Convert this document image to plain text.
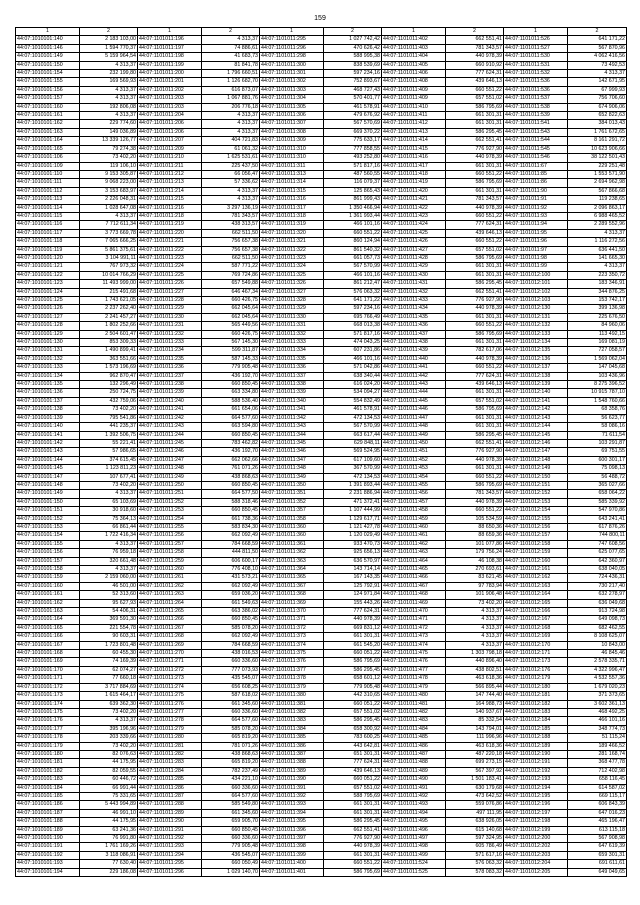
159
1	2	1	2	1	2	1	2	1	2
44:07:1010101:140	2 183 103,00	44:07:1101011:196	4 313,37	44:07:1101011:295	1 027 742,42	44:07:1101011:402	662 551,41	44:07:1101011:526	641 171,22
44:07:1010101:146	1 594 770,37	44:07:1101011:197	74 886,61	44:07:1101011:296	470 626,42	44:07:1101011:403	781 343,57	44:07:1101011:527	567 870,96
44:07:1010101:149	5 159 964,54	44:07:1101011:198	41 683,73	44:07:1101011:298	588 995,38	44:07:1101011:404	440 978,39	44:07:1101011:530	4 062 416,56
44:07:1010101:150	4 313,37	44:07:1101011:199	81 841,78	44:07:1101011:300	838 539,69	44:07:1101011:405	660 910,92	44:07:1101011:531	73 492,53
44:07:1010101:154	232 199,80	44:07:1101011:200	1 796 660,51	44:07:1101011:301	597 234,16	44:07:1101011:406	777 624,31	44:07:1101011:532	4 313,37
44:07:1010101:155	169 569,93	44:07:1101011:201	1 126 682,70	44:07:1101011:302	752 893,67	44:07:1101011:408	439 646,13	44:07:1101011:536	142 671,95
44:07:1010101:156	4 313,37	44:07:1101011:202	616 873,07	44:07:1101011:303	468 727,43	44:07:1101011:409	660 551,22	44:07:1101011:536	67 999,93
44:07:1010101:157	4 313,37	44:07:1101011:203	1 067 881,76	44:07:1101011:304	570 401,77	44:07:1101011:409	657 551,02	44:07:1101011:537	756 706,60
44:07:1010101:160	192 806,08	44:07:1101011:203	206 776,18	44:07:1101011:305	461 578,91	44:07:1101011:410	586 795,69	44:07:1101011:538	674 906,06
44:07:1010101:161	4 313,37	44:07:1101011:204	4 313,37	44:07:1101011:306	479 676,92	44:07:1101011:411	661 301,31	44:07:1101011:539	652 822,63
44:07:1010101:162	229 774,60	44:07:1101011:206	4 313,37	44:07:1101011:307	567 570,69	44:07:1101011:412	661 301,31	44:07:1101011:541	384 013,43
44:07:1010101:163	149 036,89	44:07:1101011:206	4 313,37	44:07:1101011:308	669 370,22	44:07:1101011:413	586 295,45	44:07:1101011:543	1 761 672,65
44:07:1010101:164	13 339 126,77	44:07:1101011:207	404 721,83	44:07:1101011:309	775 633,17	44:07:1101011:414	662 551,41	44:07:1101011:544	8 161 291,72
44:07:1010101:165	79 274,38	44:07:1101011:209	61 061,32	44:07:1101011:310	777 858,55	44:07:1101011:415	776 927,90	44:07:1101011:545	10 623 906,66
44:07:1010101:106	73 402,20	44:07:1101011:210	1 625 531,61	44:07:1101011:310	493 252,80	44:07:1101011:416	440 978,39	44:07:1101011:546	38 122 501,43
44:07:1010101:109	119 106,10	44:07:1101011:211	225 437,50	44:07:1101011:311	571 817,16	44:07:1101011:417	661 301,31	44:07:1101011:67	229 251,48
44:07:1010101:110	9 153 305,87	44:07:1101011:212	66 056,47	44:07:1101011:313	487 560,55	44:07:1101011:418	660 551,22	44:07:1101011:85	1 553 571,90
44:07:1010101:111	9 068 223,00	44:07:1101011:213	57 336,62	44:07:1101011:314	116 079,37	44:07:1101011:419	586 795,69	44:07:1101011:86	2 694 962,98
44:07:1010101:112	3 153 683,97	44:07:1101011:214	4 313,37	44:07:1101011:315	125 865,43	44:07:1101011:420	661 301,31	44:07:1101011:90	567 866,68
44:07:1010101:113	2 226 048,31	44:07:1101011:215	4 313,37	44:07:1101011:316	861 999,43	44:07:1101011:421	781 343,57	44:07:1101011:91	119 238,65
44:07:1010101:114	1 028 647,08	44:07:1101011:216	3 297 136,19	44:07:1101011:317	1 350 466,94	44:07:1101011:422	440 978,39	44:07:1101011:92	2 096 863,17
44:07:1010101:115	4 313,37	44:07:1101011:218	781 343,57	44:07:1101011:318	1 361 993,44	44:07:1101011:423	660 551,22	44:07:1101011:93	6 988 465,52
44:07:1010101:116	7 712 611,34	44:07:1101011:219	438 313,57	44:07:1101011:319	466 101,16	44:07:1101011:424	777 624,31	44:07:1101011:94	2 289 552,96
44:07:1010101:117	3 773 669,78	44:07:1101011:220	662 511,50	44:07:1101011:320	660 551,22	44:07:1101011:425	439 646,13	44:07:1101011:95	4 313,37
44:07:1010101:118	7 065 666,25	44:07:1101011:221	756 657,38	44:07:1101011:321	860 124,94	44:07:1101011:426	660 551,22	44:07:1101011:96	1 116 272,56
44:07:1010101:119	5 861 375,61	44:07:1101011:222	756 657,38	44:07:1101011:322	861 540,32	44:07:1101011:427	657 551,02	44:07:1101011:97	636 441,50
44:07:1010101:120	3 104 991,11	44:07:1101011:223	662 511,50	44:07:1101011:323	661 057,73	44:07:1101011:428	586 795,69	44:07:1101011:98	141 665,30
44:07:1010101:121	767 973,32	44:07:1101011:224	587 771,22	44:07:1101011:324	567 570,99	44:07:1101011:429	661 301,31	44:07:1101011:99	4 313,37
44:07:1010101:122	10 014 766,29	44:07:1101011:225	769 724,86	44:07:1101011:325	466 101,16	44:07:1101011:430	661 301,31	44:07:1101012:100	223 350,72
44:07:1010101:123	11 493 999,00	44:07:1101011:226	657 549,88	44:07:1101011:326	861 212,47	44:07:1101011:431	586 295,45	44:07:1101012:101	183 346,91
44:07:1010101:124	215 491,68	44:07:1101011:227	646 467,34	44:07:1101011:327	576 063,32	44:07:1101011:432	662 551,41	44:07:1101012:102	344 876,25
44:07:1010101:125	1 743 621,05	44:07:1101011:228	660 426,75	44:07:1101011:328	641 171,22	44:07:1101011:433	776 927,90	44:07:1101012:103	153 742,17
44:07:1010101:126	2 237 262,40	44:07:1101011:229	662 045,64	44:07:1101011:329	597 234,16	44:07:1101011:434	440 978,39	44:07:1101012:130	399 136,98
44:07:1010101:127	2 241 457,27	44:07:1101011:230	662 045,64	44:07:1101011:330	695 766,49	44:07:1101011:435	661 301,31	44:07:1101012:131	225 676,50
44:07:1010101:128	1 802 252,66	44:07:1101011:231	565 449,56	44:07:1101011:331	668 013,38	44:07:1101011:436	660 551,22	44:07:1101012:132	84 960,06
44:07:1010101:129	2 504 601,47	44:07:1101011:232	660 426,75	44:07:1101011:332	571 817,16	44:07:1101011:437	586 795,69	44:07:1101012:133	113 492,15
44:07:1010101:130	853 309,33	44:07:1101011:233	567 145,30	44:07:1101011:333	474 043,25	44:07:1101011:438	661 301,31	44:07:1101012:134	169 081,19
44:07:1010101:131	1 490 899,41	44:07:1101011:234	599 311,87	44:07:1101011:334	607 231,86	44:07:1101011:439	782 617,06	44:07:1101012:135	727 058,57
44:07:1010101:132	363 551,66	44:07:1101011:235	587 145,33	44:07:1101011:335	466 101,16	44:07:1101011:440	440 978,39	44:07:1101012:136	1 569 062,04
44:07:1010101:133	1 573 196,69	44:07:1101011:236	779 905,48	44:07:1101011:336	571 042,86	44:07:1101011:441	660 551,22	44:07:1101012:137	147 045,68
44:07:1010101:134	962 870,47	44:07:1101011:237	436 192,70	44:07:1101011:337	638 340,44	44:07:1101011:442	777 624,31	44:07:1101012:138	103 436,96
44:07:1010101:135	132 296,49	44:07:1101011:238	660 850,45	44:07:1101011:338	616 024,20	44:07:1101011:443	439 646,13	44:07:1101012:139	8 275 396,52
44:07:1010101:136	250 724,75	44:07:1101011:239	663 334,80	44:07:1101011:339	534 094,27	44:07:1101011:444	661 301,31	44:07:1101012:140	10 915 787,10
44:07:1010101:137	432 759,06	44:07:1101011:240	588 536,40	44:07:1101011:340	554 832,49	44:07:1101011:445	657 551,02	44:07:1101012:141	1 548 760,66
44:07:1010101:138	73 402,20	44:07:1101011:241	661 654,06	44:07:1101011:341	461 578,91	44:07:1101011:446	586 795,69	44:07:1101012:142	68 358,76
44:07:1010101:139	795 541,86	44:07:1101011:242	664 577,60	44:07:1101011:342	472 134,53	44:07:1101011:447	661 301,31	44:07:1101012:143	56 623,77
44:07:1010101:140	441 235,37	44:07:1101011:243	663 594,80	44:07:1101011:343	567 570,99	44:07:1101011:448	661 301,31	44:07:1101012:144	58 086,16
44:07:1010101:141	1 392 506,75	44:07:1101011:244	660 850,45	44:07:1101011:344	663 617,44	44:07:1101011:449	586 295,45	44:07:1101012:145	71 611,54
44:07:1010101:142	55 221,41	44:07:1101011:245	783 462,82	44:07:1101011:345	629 848,11	44:07:1101011:450	662 551,41	44:07:1101012:146	103 291,87
44:07:1010101:143	57 986,65	44:07:1101011:246	436 192,70	44:07:1101011:346	569 524,95	44:07:1101011:451	776 927,90	44:07:1101012:147	69 751,55
44:07:1010101:144	374 615,45	44:07:1101011:247	662 062,66	44:07:1101011:347	617 109,60	44:07:1101011:452	440 978,39	44:07:1101012:148	600 301,17
44:07:1010101:145	1 123 811,23	44:07:1101011:248	761 071,26	44:07:1101011:348	367 570,99	44:07:1101011:453	661 301,31	44:07:1101012:149	75 098,13
44:07:1010101:147	107 677,41	44:07:1101011:249	438 868,63	44:07:1101011:349	472 134,53	44:07:1101011:454	660 551,22	44:07:1101012:150	56 488,72
44:07:1010101:148	73 402,20	44:07:1101011:250	660 850,45	44:07:1101011:350	1 391 893,44	44:07:1101011:455	586 795,69	44:07:1101012:151	365 027,66
44:07:1010101:149	4 313,37	44:07:1101011:251	664 577,50	44:07:1101011:351	2 231 886,94	44:07:1101011:456	781 343,57	44:07:1101012:152	658 064,22
44:07:1010101:150	65 103,69	44:07:1101011:252	588 318,46	44:07:1101011:352	471 372,41	44:07:1101011:457	440 978,39	44:07:1101012:153	585 339,92
44:07:1010101:151	30 918,60	44:07:1101011:253	660 850,45	44:07:1101011:357	1 107 444,99	44:07:1101011:458	660 551,22	44:07:1101012:154	547 970,86
44:07:1010101:152	75 364,13	44:07:1101011:254	661 738,36	44:07:1101011:358	1 129 617,71	44:07:1101011:459	105 534,59	44:07:1101012:155	643 241,41
44:07:1010101:153	66 861,44	44:07:1101011:255	583 834,30	44:07:1101011:360	1 121 427,78	44:07:1101011:460	88 650,36	44:07:1101012:156	617 876,26
44:07:1010101:154	1 722 416,34	44:07:1101011:256	662 092,49	44:07:1101011:360	1 120 029,49	44:07:1101011:461	88 659,36	44:07:1101012:157	744 800,11
44:07:1010101:155	4 313,37	44:07:1101011:257	784 668,59	44:07:1101011:361	933 470,73	44:07:1101011:462	101 077,86	44:07:1101012:158	747 608,56
44:07:1010101:156	76 959,18	44:07:1101011:258	444 811,50	44:07:1101011:362	925 656,13	44:07:1101011:463	179 756,24	44:07:1101012:159	625 077,65
44:07:1010101:157	320 661,48	44:07:1101011:259	606 600,17	44:07:1101011:363	636 570,97	44:07:1101011:464	46 108,38	44:07:1101012:160	642 360,97
44:07:1010101:158	4 313,37	44:07:1101011:260	776 408,10	44:07:1101011:364	143 714,14	44:07:1101011:465	270 693,61	44:07:1101012:161	638 040,05
44:07:1010101:159	2 159 060,00	44:07:1101011:261	431 573,21	44:07:1101011:365	167 143,35	44:07:1101011:466	83 621,45	44:07:1101012:162	724 436,31
44:07:1010101:160	46 501,00	44:07:1101011:262	662 092,49	44:07:1101011:367	125 792,91	44:07:1101011:467	97 783,94	44:07:1101012:163	730 217,40
44:07:1010101:161	52 313,60	44:07:1101011:263	659 036,20	44:07:1101011:368	124 971,84	44:07:1101011:468	101 906,48	44:07:1101012:164	632 278,97
44:07:1010101:162	95 627,93	44:07:1101011:264	661 549,63	44:07:1101011:369	155 443,26	44:07:1101011:469	73 402,20	44:07:1101012:165	636 049,68
44:07:1010101:163	54 406,31	44:07:1101011:265	663 386,02	44:07:1101011:370	777 624,31	44:07:1101011:470	4 313,37	44:07:1101012:166	913 724,98
44:07:1010101:164	369 591,30	44:07:1101011:266	660 850,45	44:07:1101011:371	440 978,39	44:07:1101011:471	4 313,37	44:07:1101012:167	649 098,73
44:07:1010101:165	221 554,78	44:07:1101011:267	585 078,20	44:07:1101011:372	669 831,12	44:07:1101011:472	4 313,37	44:07:1101012:168	682 462,55
44:07:1010101:166	90 603,31	44:07:1101011:268	662 092,49	44:07:1101011:373	661 301,31	44:07:1101011:473	4 313,37	44:07:1101012:169	8 108 625,07
44:07:1010101:167	1 723 801,48	44:07:1101011:269	784 668,59	44:07:1101011:374	661 545,20	44:07:1101011:474	4 313,37	44:07:1101012:170	10 843,00
44:07:1010101:168	60 455,30	44:07:1101011:270	438 016,53	44:07:1101011:375	660 051,22	44:07:1101011:475	1 303 798,18	44:07:1101012:171	46 845,46
44:07:1010101:169	74 169,39	44:07:1101011:271	660 336,60	44:07:1101011:376	586 795,69	44:07:1101011:476	440 896,40	44:07:1101012:173	2 578 335,71
44:07:1010101:170	62 074,27	44:07:1101011:272	777 073,93	44:07:1101011:377	586 295,45	44:07:1101011:477	438 802,51	44:07:1101012:176	4 322 996,47
44:07:1010101:171	77 660,18	44:07:1101011:273	435 545,07	44:07:1101011:378	658 601,12	44:07:1101011:478	463 618,36	44:07:1101012:179	4 532 557,36
44:07:1010101:172	3 717 884,69	44:07:1101011:274	656 608,25	44:07:1101011:379	779 905,48	44:07:1101011:479	566 895,44	44:07:1101012:180	1 679 020,23
44:07:1010101:173	1 615 464,17	44:07:1101011:275	587 618,02	44:07:1101011:380	442 310,65	44:07:1101011:480	147 744,40	44:07:1101012:181	371 373,65
44:07:1010101:174	639 362,30	44:07:1101011:276	661 345,60	44:07:1101011:381	660 051,22	44:07:1101011:481	164 988,73	44:07:1101012:182	3 602 361,13
44:07:1010101:175	73 402,20	44:07:1101011:277	660 336,60	44:07:1101011:382	657 551,02	44:07:1101011:482	140 937,67	44:07:1101012:183	468 492,25
44:07:1010101:176	4 313,37	44:07:1101011:278	664 577,60	44:07:1101011:383	586 295,45	44:07:1101011:483	85 332,54	44:07:1101012:184	466 101,16
44:07:1010101:177	395 196,96	44:07:1101011:279	585 078,20	44:07:1101011:384	658 300,92	44:07:1101011:484	143 794,01	44:07:1101012:185	348 774,73
44:07:1010101:178	203 339,66	44:07:1101011:280	665 819,20	44:07:1101011:385	783 600,25	44:07:1101011:485	111 996,96	44:07:1101012:188	51 115,24
44:07:1010101:179	73 402,20	44:07:1101011:281	781 071,26	44:07:1101011:386	443 642,81	44:07:1101011:486	463 618,36	44:07:1101012:189	189 466,52
44:07:1010101:180	82 076,63	44:07:1101011:282	438 868,63	44:07:1101011:387	651 301,31	44:07:1101011:487	487 220,18	44:07:1101012:190	281 168,74
44:07:1010101:181	44 175,95	44:07:1101011:283	665 819,20	44:07:1101011:388	777 624,31	44:07:1101011:488	699 273,15	44:07:1101012:191	368 477,78
44:07:1010101:182	82 059,55	44:07:1101011:284	782 237,49	44:07:1101011:389	439 646,13	44:07:1101011:489	567 397,92	44:07:1101012:192	712 402,98
44:07:1010101:183	60 446,72	44:07:1101011:285	434 221,10	44:07:1101011:390	660 051,22	44:07:1101011:490	1 501 183,41	44:07:1101012:193	658 116,45
44:07:1010101:184	66 991,44	44:07:1101011:286	660 336,60	44:07:1101011:391	657 551,02	44:07:1101011:491	630 179,68	44:07:1101012:194	614 587,02
44:07:1010101:185	75 331,65	44:07:1101011:287	664 577,60	44:07:1101011:392	588 795,69	44:07:1101011:492	473 642,52	44:07:1101012:195	669 115,17
44:07:1010101:186	5 443 994,89	44:07:1101011:288	585 549,80	44:07:1101011:393	661 301,31	44:07:1101011:493	559 076,86	44:07:1101012:196	606 843,39
44:07:1010101:187	46 991,10	44:07:1101011:289	661 345,60	44:07:1101011:394	661 301,31	44:07:1101011:494	497 111,95	44:07:1101012:197	647 016,23
44:07:1010101:188	44 175,95	44:07:1101011:290	659 905,70	44:07:1101011:395	586 295,45	44:07:1101011:495	638 926,05	44:07:1101012:198	465 196,47
44:07:1010101:189	63 241,36	44:07:1101011:291	660 850,45	44:07:1101011:396	662 551,41	44:07:1101011:496	615 140,68	44:07:1101012:199	613 115,18
44:07:1010101:190	76 991,80	44:07:1101011:292	660 336,60	44:07:1101011:397	776 927,90	44:07:1101011:497	597 324,95	44:07:1101012:200	567 908,98
44:07:1010101:191	1 761 169,26	44:07:1101011:293	779 905,48	44:07:1101011:398	440 978,39	44:07:1101011:498	605 786,49	44:07:1101012:202	647 619,39
44:07:1010101:192	3 118 086,91	44:07:1101011:294	436 545,07	44:07:1101011:399	661 301,31	44:07:1101011:499	571 617,16	44:07:1101012:203	659 301,31
44:07:1010101:193	77 630,40	44:07:1101011:295	660 050,49	44:07:1101011:400	660 551,22	44:07:1101011:524	576 063,32	44:07:1101012:204	691 611,61
44:07:1010101:194	229 186,08	44:07:1101011:296	1 029 140,70	44:07:1101011:401	586 795,69	44:07:1101011:525	578 083,32	44:07:1101012:205	649 049,65
